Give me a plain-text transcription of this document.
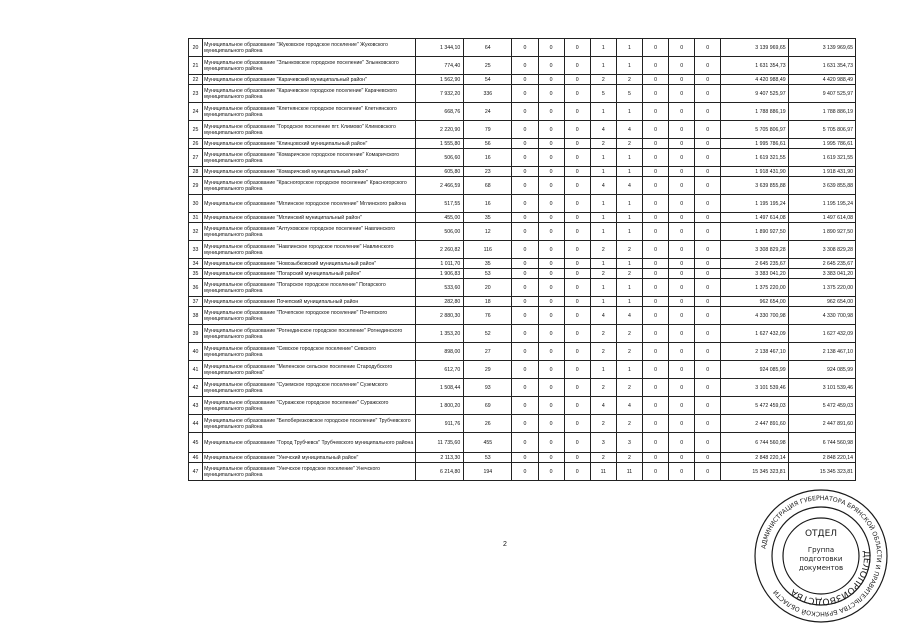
20	Муниципальное образование "Жуковское городское поселение" Жуковского муниципального района	1 344,10	64	0	0	0	1	1	0	0	0	3 139 969,65	3 139 969,65
21	Муниципальное образование "Злынковское городское поселение" Злынковского муниципального района	774,40	25	0	0	0	1	1	0	0	0	1 631 354,73	1 631 354,73
22	Муниципальное образование "Карачевский муниципальный район"	1 562,90	54	0	0	0	2	2	0	0	0	4 420 988,49	4 420 988,49
23	Муниципальное образование "Карачевское городское поселение" Карачевского муниципального района	7 932,20	336	0	0	0	5	5	0	0	0	9 407 525,97	9 407 525,97
24	Муниципальное образование "Клетнянское городское поселение" Клетнянского муниципального района	668,76	24	0	0	0	1	1	0	0	0	1 788 886,19	1 788 886,19
25	Муниципальное образование "Городское поселение пгт. Климово" Климовского муниципального района	2 220,90	79	0	0	0	4	4	0	0	0	5 705 806,97	5 705 806,97
26	Муниципальное образование "Клинцовский муниципальный район"	1 555,80	56	0	0	0	2	2	0	0	0	1 995 786,61	1 995 786,61
27	Муниципальное образование "Комаричское городское поселение" Комаричского муниципального района	506,60	16	0	0	0	1	1	0	0	0	1 619 321,55	1 619 321,55
28	Муниципальное образование "Комаричский муниципальный район"	605,80	23	0	0	0	1	1	0	0	0	1 918 431,90	1 918 431,90
29	Муниципальное образование "Красногорское городское поселение" Красногорского муниципального района	2 466,59	68	0	0	0	4	4	0	0	0	3 639 855,88	3 639 855,88
30	Муниципальное образование "Мглинское городское поселение" Мглинского района	517,55	16	0	0	0	1	1	0	0	0	1 195 195,24	1 195 195,24
31	Муниципальное образование "Мглинский муниципальный район"	455,00	35	0	0	0	1	1	0	0	0	1 497 614,08	1 497 614,08
32	Муниципальное образование "Алтуховское городское поселение" Навлинского муниципального района	506,00	12	0	0	0	1	1	0	0	0	1 890 927,50	1 890 927,50
33	Муниципальное образование "Навлинское городское поселение" Навлинского муниципального района	2 260,82	116	0	0	0	2	2	0	0	0	3 308 829,28	3 308 829,28
34	Муниципальное образование "Новозыбковский муниципальный район"	1 011,70	35	0	0	0	1	1	0	0	0	2 645 235,67	2 645 235,67
35	Муниципальное образование "Погарский муниципальный район"	1 906,83	53	0	0	0	2	2	0	0	0	3 383 041,20	3 383 041,20
36	Муниципальное образование "Погарское городское поселение" Погарского муниципального района	533,60	20	0	0	0	1	1	0	0	0	1 375 220,00	1 375 220,00
37	Муниципальное образование Почепский муниципальный район	282,80	18	0	0	0	1	1	0	0	0	962 654,00	962 654,00
38	Муниципальное образование "Почепское городское поселение" Почепского муниципального района	2 880,30	76	0	0	0	4	4	0	0	0	4 330 700,98	4 330 700,98
39	Муниципальное образование "Рогнединское городское поселение" Рогнединского муниципального района	1 353,20	52	0	0	0	2	2	0	0	0	1 627 432,09	1 627 432,09
40	Муниципальное образование "Севское городское поселение" Севского муниципального района	898,00	27	0	0	0	2	2	0	0	0	2 138 467,10	2 138 467,10
41	Муниципальное образование "Меленское сельское поселение Стародубского муниципального района"	612,70	29	0	0	0	1	1	0	0	0	924 085,99	924 085,99
42	Муниципальное образование "Суземское городское поселение" Суземского муниципального района	1 508,44	93	0	0	0	2	2	0	0	0	3 101 539,46	3 101 539,46
43	Муниципальное образование "Суражское городское поселение" Суражского муниципального района	1 800,20	69	0	0	0	4	4	0	0	0	5 472 459,03	5 472 459,03
44	Муниципальное образование "Белоберезковское городское поселение" Трубчевского муниципального района	911,76	26	0	0	0	2	2	0	0	0	2 447 891,60	2 447 891,60
45	Муниципальное образование "Город Трубчевск" Трубчевского муниципального района	11 735,60	455	0	0	0	3	3	0	0	0	6 744 560,98	6 744 560,98
46	Муниципальное образование "Унечский муниципальный район"	2 113,30	53	0	0	0	2	2	0	0	0	2 848 220,14	2 848 220,14
47	Муниципальное образование "Унечское городское поселение" Унечского муниципального района	6 214,80	194	0	0	0	11	11	0	0	0	15 345 323,81	15 345 323,81
2	АДМИНИСТРАЦИЯ ГУБЕРНАТОРА БРЯНСКОЙ ОБЛАСТИ И ПРАВИТЕЛЬСТВА БРЯНСКОЙ ОБЛАСТИ
ДЕЛОПРОИЗВОДСТВА
ОТДЕЛ
Группа
подготовки
документов
